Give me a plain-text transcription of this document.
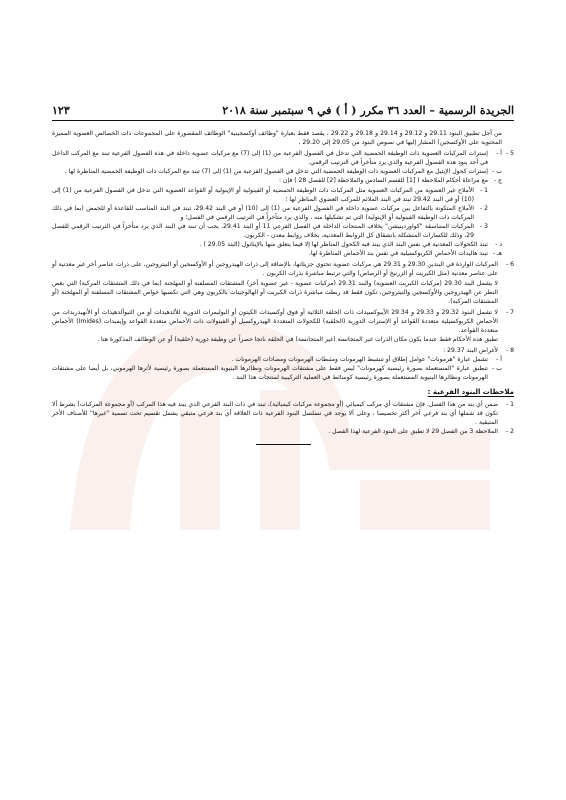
الجريدة الرسمية – العدد ٣٦ مكرر ( أ ) في ٩ سبتمبر سنة ٢٠١٨
١٢٣
من أجل تطبيق البنود 29.11 و 29.12 و 29.14 و 29.18 و 29.22 ، يقصد فقط بعبارة "وظائف أوكسجينية" الوظائف المقصورة على المجموعات ذات الخصائص العضوية المميزة المحتوية على الأوكسجين) المشار إليها في نصوص البنود من 29.05 إلى 29.20 .
5 -
أ -
إسترات المركبات العضوية ذات الوظيفة الحمضية التي تدخل في الفصول الفرعية من (1) إلى (7) مع مركبات عضوية داخلة في هذه الفصول الفرعية تبند مع المركب الداخل في أحد بنود هذه الفصول الفرعية والذي يرد متأخراً في الترتيب الرقمي.
ب -
إسترات كحول الإيثيل مع المركبات العضوية ذات الوظيفة الحمضية التي تدخل في الفصول الفرعية من (1) إلى (7) تبند مع المركبات ذات الوظيفة الحمضية المناظرة لها .
ج -
مع مراعاة أحكام الملاحظة ( [1] للقسم السادس والملاحظة [2] للفصل 28 ) فإن :
1 -
الأملاح غير العضوية من المركبات العضوية مثل المركبات ذات الوظيفة الحمضية أو الفينولية أو الإينولية أو القواعد العضوية التي تدخل في الفصول الفرعية من (1) إلى (10) أو في البند 29.42 تبند في البند الملائم للمركب العضوي المناظر لها ؛
2 -
الأملاح المتكونة بالتفاعل بين مركبات عضوية داخلة في الفصول الفرعية من (1) إلى (10) أو في البند 29.42، تبند في البند المناسب للقاعدة أو للحمض (بما في ذلك المركبات ذات الوظيفة الفينولية أو الإينولية) التي تم تشكيلها منه ، والذي يرد متأخراً في الترتيب الرقمي في الفصل؛ و
3 -
المركبات المتناسقة "كواوردينيشن" بخلاف المنتجات الداخلة في الفصل الفرعي 11 أو البند 29.41، يجب أن تبند في البند الذي يرد متأخراً في الترتيب الرقمي للفصل 29، وذلك للكسارات المتشكلة بانشقاق كل الروابط المعدنية، بخلاف روابط معدن - الكربون.
د -
تبند الكحولات المعدنية في نفس البند الذي يبند فيه الكحول المناظر لها إلا فيما يتعلق منها بالإيثانول (البند 29.05 ) .
هـ -
تبند هاليدات الأحماض الكربوكسيلية في نفس بند الأحماض المناظرة لها.
6 -
المركبات الواردة في البندين 29.30 و 29.31 هي مركبات عضوية تحتوي جزيئاتها، بالإضافة إلى ذرات الهيدروجين أو الأوكسجين أو النيتروجين، على ذرات عناصر أخر غير معدنية أو على عناصر معدنية (مثل الكبريت أو الزرنيخ أو الرصاص) والتي ترتبط مباشرة بذرات الكربون .
لا يشمل البند 29.30 (مركبات الكبريت العضوية) والبند 29.31 (مركبات عضوية - غير عضوية أخر) المشتقات المسلفنة أو المهلجنة (بما في ذلك المشتقات المركبة) التي بغض النظر عن الهيدروجين والأوكسجين والنيتروجين، تكون فقط قد ربطت مباشرة ذرات الكبريت أو الهالوجينات بالكربون وهي التي تكسبها خواص المشتقات المسلفنة أو المهلجنة (أو المشتقات المركبة).
7 -
لا تشمل البنود 29.32 و 29.33 و 29.34 الأيبوكسيدات ذات الحلقة الثلاثية أو فوق أوكسيدات الكيتون أو البوليمرات الدورية للألدهيدات أو من الثيوألدهيدات أو الأنهيدريدات من الأحماض الكربوكسيلية متعددة القواعد أو الإسترات الدورية (الحلقية) للكحولات المتعددة الهيدروكسيل أو الفينولات ذات الأحماض متعددة القواعد وإيميدات (Imides) الأحماض متعددة القواعد.
تطبق هذه الأحكام فقط عندما يكون مكان الذرات غير المتجانسة (غير المتجانسة) في الحلقة ناتجا حصراً عن وظيفة دورية (حلقية) أو عن الوظائف المذكورة هنا .
8 -
لأغراض البند 29.37 :
أ -
تشمل عبارة "هرمونات" عوامل إطلاق أو تنشيط الهرمونات ومثبطات الهرمونات ومضادات الهرمونات .
ب -
تنطبق عبارة "المستعملة بصورة رئيسية كهرمونات" ليس فقط على مشتقات الهرمونات ونظائرها البنيوية المستعملة بصورة رئيسية لأثرها الهرموني، بل أيضا على مشتقات الهرمونات ونظائرها البنيوية المستعملة بصورة رئيسية كوسائط في العملية التركيبية لمنتجات هذا البند .
ملاحظات البنود الفرعية :
1 -
ضمن أي بند من هذا الفصل، فإن مشتقات أي مركب كيميائي (أو مجموعة مركبات كيميائية)، تبند في ذات البند الفرعي الذي يبند فيه هذا المركب (أو مجموعة المركبات) بشرط ألا تكون قد شملها أي بند فرعي آخر أكثر تخصيصا ، وعلى ألا يوجد في تسلسل البنود الفرعية ذات العلاقة أي بند فرعي متبقي يشمل تقسيم تحت تسمية "غيرها" للأصناف الأخر المتبقية .
2 -
الملاحظة 3 من الفصل 29 لا تطبق على البنود الفرعية لهذا الفصل .
